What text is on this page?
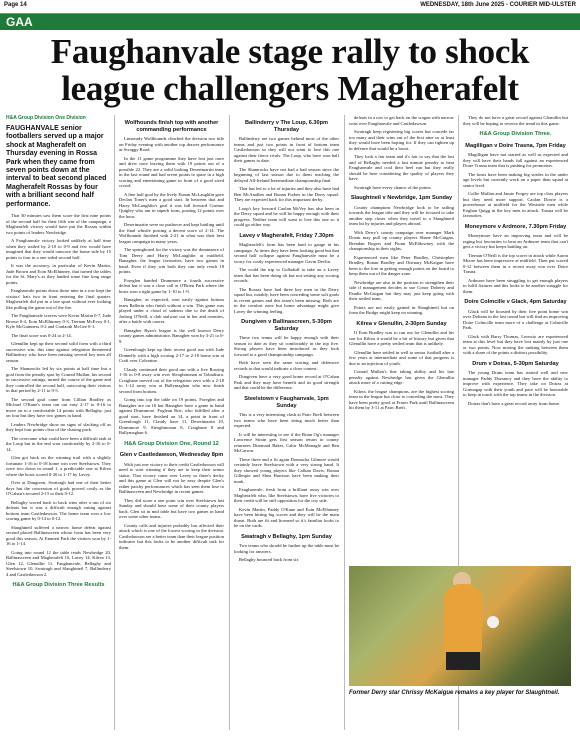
Page 14	WEDNESDAY, 18th June 2025 - COURIER MID-ULSTER
GAA
Faughanvale stage rally to shock league challengers Magherafelt
H&A Group Division One Division
FAUGHANVALE senior footballers served up a major shock at Magherafelt on Thursday evening in Rossa Park when they came from seven points down at the interval to beat second placed Magherafelt Rossas by four with a brilliant second half performance.

That 30 minutes saw them score the first nine points of the second half for their fifth win of the campaign, a Magherafelt victory would have put the Rossas within two points of leaders Newbridge.

A Faughanvale victory looked unlikely at half time when they trailed by 2-10 to 0-9 and few would have imagined that they would outscore the home side by 15 points to four in a one sided second half.

It was the accuracy, in particular of Kevin Martin, Jude Brown and Eoin McElhinney, that turned the tables for the St. Mary's as they landed some fine long range points.

Faughanvale points down those nine in a row kept the visitors' hats two in front entering the final quarter. Magherafelt did put in a late spurt without ever looking like pulling the game out of the fire.

The Faughanvale scorers were Kevin Martin 0-7, Jude Brown 0-4, Eoin McElhinney 0-3, Tiernan McEvoy 0-1, Kyle McGuinness 0-2 and Conlaoth McGee 0-1.

The final score was 0-24 to 2-14.

Glenullin kept up their second solid form with a third successive win, this time against relegation threatened Ballinderry who have been missing several key men all season.

The Shamrocks led by six points at half time but a goal from the penalty spot by Conrad Mullan, his second in successive outings, turned the course of the game and they controlled the second half, outscoring their visitors in that period by 2-11 to 0-5.

The second goal came from Cillian Bradley as Michael O'Kane's team ran out easy 2-17 to 0-16 to move on to a comfortable 14 points with Bellaghy, just on four but they have two games in hand.

Leaders Newbridge show no signs of slacking off as they kept four points clear of the chasing pack.

The overcame what could have been a difficult task at the Loup but in the end won comfortably by 2-16 to 0-14.

Glen got back on the winning trail with a slightly fortunate 1-16 to 0-18 home win over Steelstown. They were two down in round 1, a predictable one at Kilrea where the hosts scored 0-20 to 1-17 by Lavey.

Over at Dungiven, Swatragh had one of their better days but the concession of goals proved costly as the O'Cahan's secured 2-15 to their 0-12.

Bellaghy scored back to back wins after a run of six defeats but it was a difficult enough outing against bottom team Castledawson. The home team won a low scoring game by 0-14 to 0-12.

Slaughtneil suffered a narrow home defeat against second placed Ballinascreen whose form has been very good this season. At Emmett Park the visitors won by 1-16 to 1-14.

Going into round 12 the table reads Newbridge 20, Ballinascreen and Magherafelt 16, Lavey 14, Kilrea 13, Glen 12, Glenullin 11, Faughanvale, Bellaghy and Steelstown 10, Swatragh and Slaughtneil 7, Ballinderry 4 and Castledawson 2.

H&A Group Division Three Results
Wolfhounds finish top with another commanding performance

Limavady Wolfhounds clinched the division two title on Friday evening with another top drawer performance at Scraggy Road.

In the 11 game programme they have lost just once and drew once leaving them with 19 points out of a possible 22. They are a solid looking Desertmartin team in the last round and had seven points to spare in a high scoring and entertaining game in front of a good sized crowd.

A fine half goal by the lively Eunan McLaughlin gave Declan Toner's men a good start. In between that and Harry McLaughlin's goal it was full forward Cormac Quigley who ran in superb form, posting 12 points over the hour.

Desertmartin were no pushover and kept battling until the final whistle posting a decent score of 2-14. The Wolfhounds finished with 2-21 in what was their best league campaign in many years.

The springboard for the victory was the dominance of Tom Deery and Harry McLaughlin at midfield. Banagher, the league favourites, have two games in hand. Even if they win both they can only reach 18 points.

Foreglen handed Drummore a fourth successive defeat but it was a close call at O'Brien Park where the hosts won a tight game by 1-10 to 1-9.

Banagher, as expected, won easily against bottom team Ballerin who finish without a win. This game was played under a cloud of sadness due to the death of Jarlaog O'Neill, a club stalwart out in her and twenties, after a battle with cancer.

Banagher Ryan's league is the well known Derry county games administrator. Banagher won by 3-21 to 0-9.

Greenlough kept up their recent good run with Jude Donnelly with a high scoring 2-17 to 2-18 home win at Craft over Coleraine.

Claudy continued their good run with a five Rowing 1-16 to 0-8 away win over Sleoghtnonan at Tobadistra. Craighane moved out of the relegation zero with a 2-18 to 1-14 away win at Ballymaghan who now finish second from bottom.

Going into top the table on 19 points, Foreglen and Banagher are on 16 but Banagher have a game in hand against Drummore. Foglean Roe, who fulfilled after a good start, have finished on 14, a point in front of Greenlough 11, Claudy have 11, Desertmartin 10, Drummore 9, Sleoghtnonan 8, Craigbane 8 and Ballymaghan 6.

H&A Group Division One, Round 12
Glen v Castledawson, Wednesday 8pm

With just one victory to their credit Castledawson will need to start winning if they are to keep their senior status. That victory came over Lavey so there's decky and this game at Glen will not be easy despite Glen's rather patchy performances which has seen them lose to Ballinascreen and Newbridge in recent games.

They did score a one point win over Steelstown last Sunday and should have some of their county players back. Glen sit in mid table but have two games in hand over some other teams.

County calls and injuries probably has affected their attack which is one of the lowest scoring in the division. Castledawson are a better team than their league position indicates but this looks to be another difficult task for them.

Ballinderry v The Loup, 6.30pm Thursday

Ballinderry are two games behind most of the other teams and just two points in front of bottom team Castledawson so they will not want to lose this one against their fierce rivals. The Loup, who have won half their games to date.

The Shamrocks have not had a bad season since the beginning of last season due to them reaching the delayed All-Ireland Intermediate championship final.

That has led to a lot of injuries and they also have had Ben McAnallen and Ronan Forbes in the Derry squad. They are expected back for this important derby.

Loup's key forward Caolan McVey has also been in the Derry squad and he will be happy enough with their progress. Neither team will want to lose this one so it could go either way.

Lavey v Magherafelt, Friday 7.30pm

Magherafelt's form has been hard to gauge in his campaign. At times they have been looking good but that second half collapse against Faughanvale must be a worry for costly experienced manager Gavin Devlin.

The could the trip to Gulladuff to take on a Lavey team that has been doing ok but not setting any scoring records.

The Rossas have had three key men in the Derry squad but, notably, have been conceding some soft goals in recent games and this team's been missing. Both are in the comfort zone but home advantage might give Lavey the winning feeling.

Dungiven v Ballinascreen, 5-30pm Saturday

These two teams will be happy enough with their season to date as they sit comfortably in the top five. Strong players have been introduced as they look forward to a good championship campaign.

Both have seen the same scoring and defensive records to that would indicate a close contest.

Dungiven have a very good home record at O'Cahan Park and they may have benefit and its good strength and that could be the difference.

Steelstown v Faughanvale, 1pm Sunday

This is a very interesting clash at Pairc Brefi between two teams who have been doing much better than expected.

It will be interesting to see if the Brian Og's manager Lawrence Strain gets first season return to county returnees Diarmaid Baker, Cahir McMonagle and Ben McCarron.

These three and a fit again Donnacha Gilmore would certainly leave Steelstown with a very strong hand. It they showed young players like Callum Davis, Ronan Gillespie and Shea Harrison have been making their mark.

Faughanvale, fresh from a brilliant away win over Magherafelt who, like Steelstown, have five victories to their credit will be stiff opposition for the city side.

Kevin Martin, Paddy O'Kane and Eoin McElhinney have been hitting big scores and they will be the main threat. Both are fit and licensed so it's familiar looks to be on the cards.

Swatragh v Bellaghy, 1pm Sunday

Two teams who should be further up the table must be looking for answers.

Bellaghy bounced back from six

defeats in a row to get back on the wagon with narrow wins over Faughanvale and Castledawson.

Swatragh keep registering big scores but concede far too many and their wins out of the first nine so at least they would have been hoping for. If they can tighten up in defence that would be a boost.

They look a fair team and it's fair to say that the last and of Bellaghy needed a last minute penalty to beat Faughanvale and cool their heel run but they really should be here considering the quality of players they have.

Swatragh have every chance of the points.

Slaughtneil v Newbridge, 1pm Sunday

County champions Newbridge look to be sailing towards the league title and they will be focused to take another step closer when they travel to a Slaughtneil team hit by injuries and players abroad.

With Derry's county campaign over manager Mark Doran may pull up county players Shane McGuigan, Brendan Rogers and Fionn McEldowney with the championship in their sights.

Experienced men like Peter Bradley, Christopher Bradley, Ronan Bradley and Oisinary McKaigue have been to the fore in getting enough points on the board to keep them out of the danger zone.

Newbridge are also in the position to strengthen their side if management decides to use Conor Doherty and Paudie McGuigan but they may just keep going with their settled team.

Points are not easily gained in Slaughtneil but on form the Bridge might keep on winning.

Kilrea v Glenullin, 2-30pm Sunday

If Eoin Bradley was to run out for Glenullin and his son for Kilrea it would be a bit of history but given that Glenullin have a pretty settled team that is unlikely.

Glenullin have settled in well to senior football after a few years at intermediate and some of that progress is due to an injection of youth.

Conrad Mullan's fine taking ability and his late penalty against Newbridge has given the Glenullin attack more of a cutting edge.

Kilrea, the league champions, are the highest scoring team in the league but close to conceding the most. They have been pretty good at Fraser Park until Ballinascreen hit them by 3-11 at Pairc Brefi.

They do not have a great record against Glenullin but they will be hoping to reverse the trend in this game.

H&A Group Division Three.
Magilligan v Doire Trasna, 7pm Friday

Magilligan have not started as well as expected and they will have their hands full against an experienced Doire Trasna team that is pushing for promotion.

The hosts have been making big strides in the under age levels but currently work on a paper than squad at senior level.

Collie Mullan and Jamie Forgey are top class players but they need more support. Caolan Dorrie is a powerhouse at midfield for the Westside men while Eoghan Quigg in the key men in attack. Trasna will be favourites.

Moneymore v Ardmore, 7.30pm Friday

Moneymore have an improving team and will be raging hot favourites to beat an Ardmore team that can't gets a victory but keeps battling on.

Tiernan O'Neill is the top scorer in attack while Aaron Moore has been impressive at midfield. Then put scored 0-12 between them in a recent away win over Doire Trasna.

Ardmore have been struggling to get enough players to fulfil fixtures and this looks to be another struggle for them.

Doire Colmcille v Glack, 4pm Saturday

Glack will be boosted by their five point home win over Doliana in the last round but will find an improving Doire Colmcille team more of a challenge at Colmcille Park.

Glack with Barry Thomas, Leoncio are experienced team at this level but they have lost mainly by just one or two points. Now mixing the ranking between them with a share of the points a distinct possibility.

Drum v Doiras, 5-30pm Saturday

The young Drum team has started well and new manager Paddy Dorrancy and they have the ability to improve with experience. They take on Doiras at Gortnagap with their youth and pace will be honorable to keep in touch with the top teams in the division.

Doiras don't have a great record away from home.

Former Derry star Chrissy McKaigue remains a key player for Slaughtneil.
